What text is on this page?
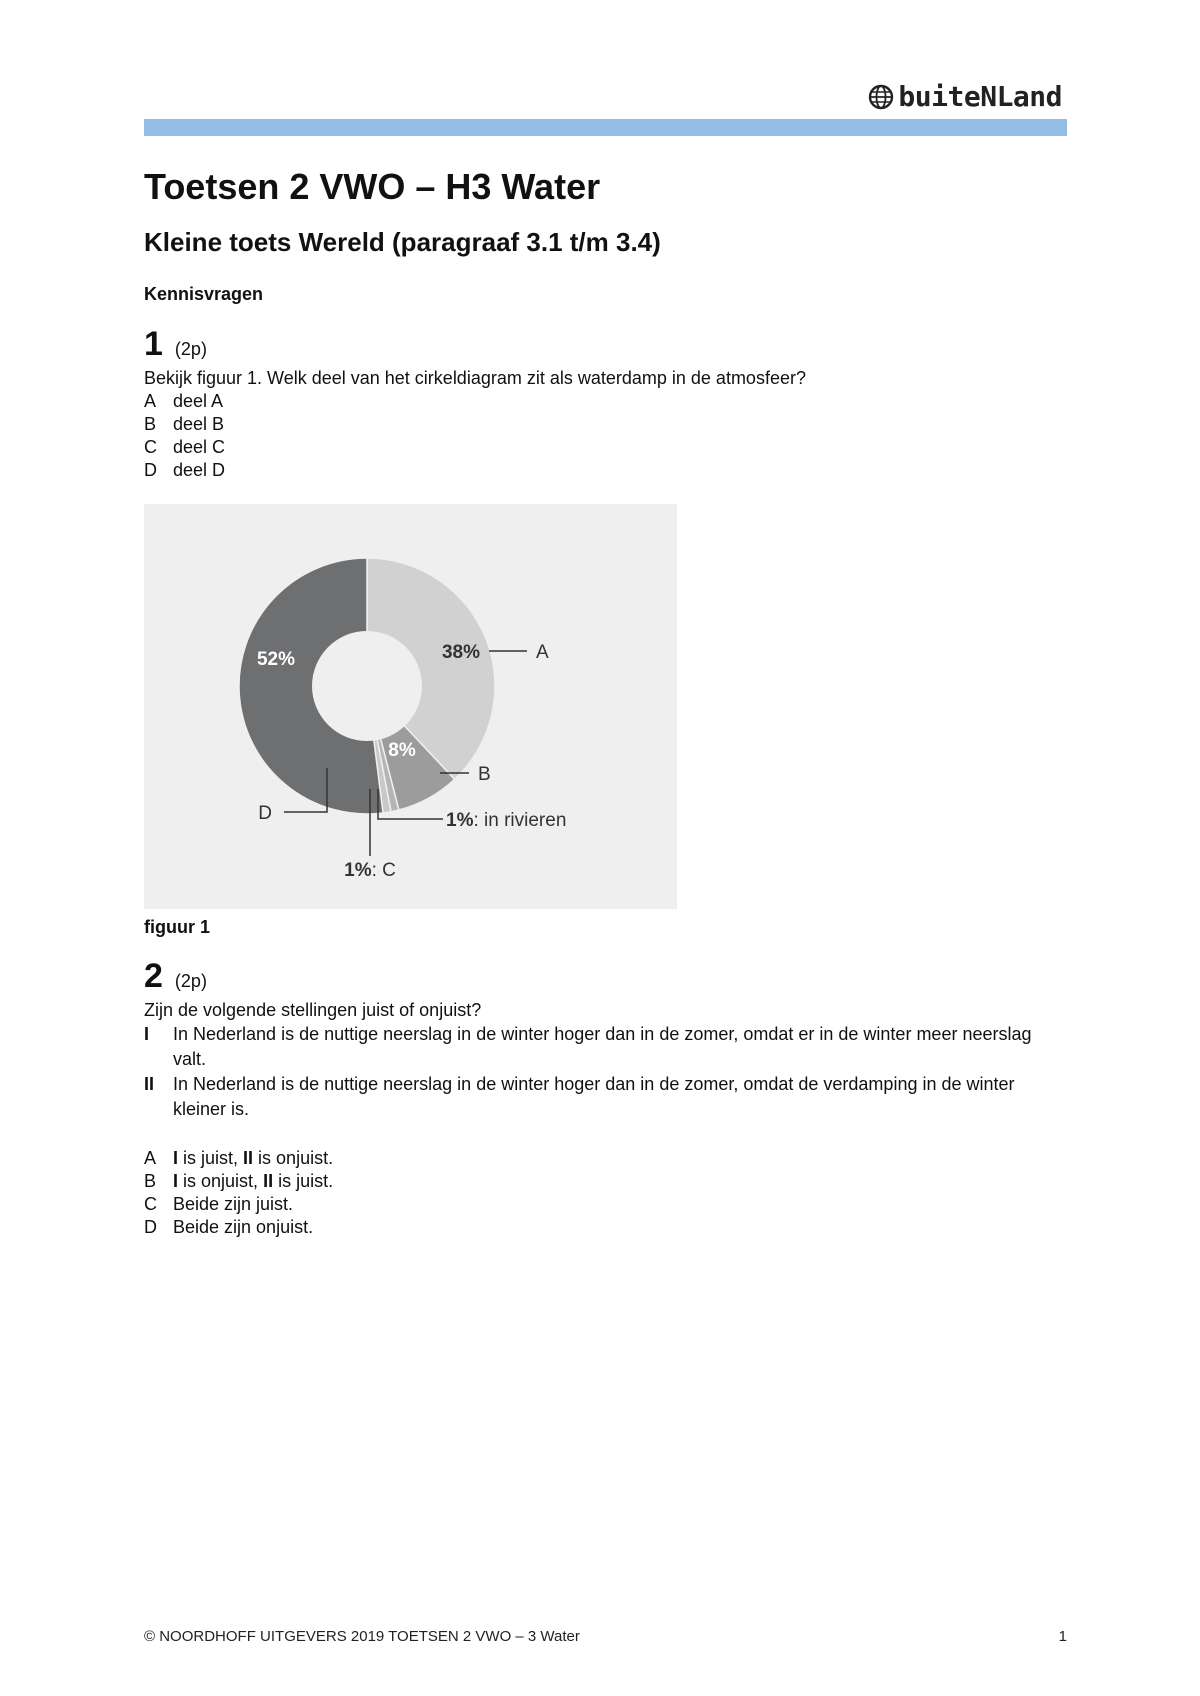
buiteNLand
Toetsen 2 VWO – H3 Water
Kleine toets Wereld (paragraaf 3.1 t/m 3.4)
Kennisvragen
1 (2p)

Bekijk figuur 1. Welk deel van het cirkeldiagram zit als waterdamp in de atmosfeer?

A deel A
B deel B
C deel C
D deel D
38%
8%
52%	A
B
1%: in rivieren
1%: C
D
figuur 1
2 (2p)

Zijn de volgende stellingen juist of onjuist?

I	In Nederland is de nuttige neerslag in de winter hoger dan in de zomer, omdat er in de winter meer neerslag valt.
II	In Nederland is de nuttige neerslag in de winter hoger dan in de zomer, omdat de verdamping in de winter kleiner is.
A I is juist, II is onjuist.
B I is onjuist, II is juist.
C Beide zijn juist.
D Beide zijn onjuist.
© NOORDHOFF UITGEVERS 2019 TOETSEN 2 VWO – 3 Water	1
